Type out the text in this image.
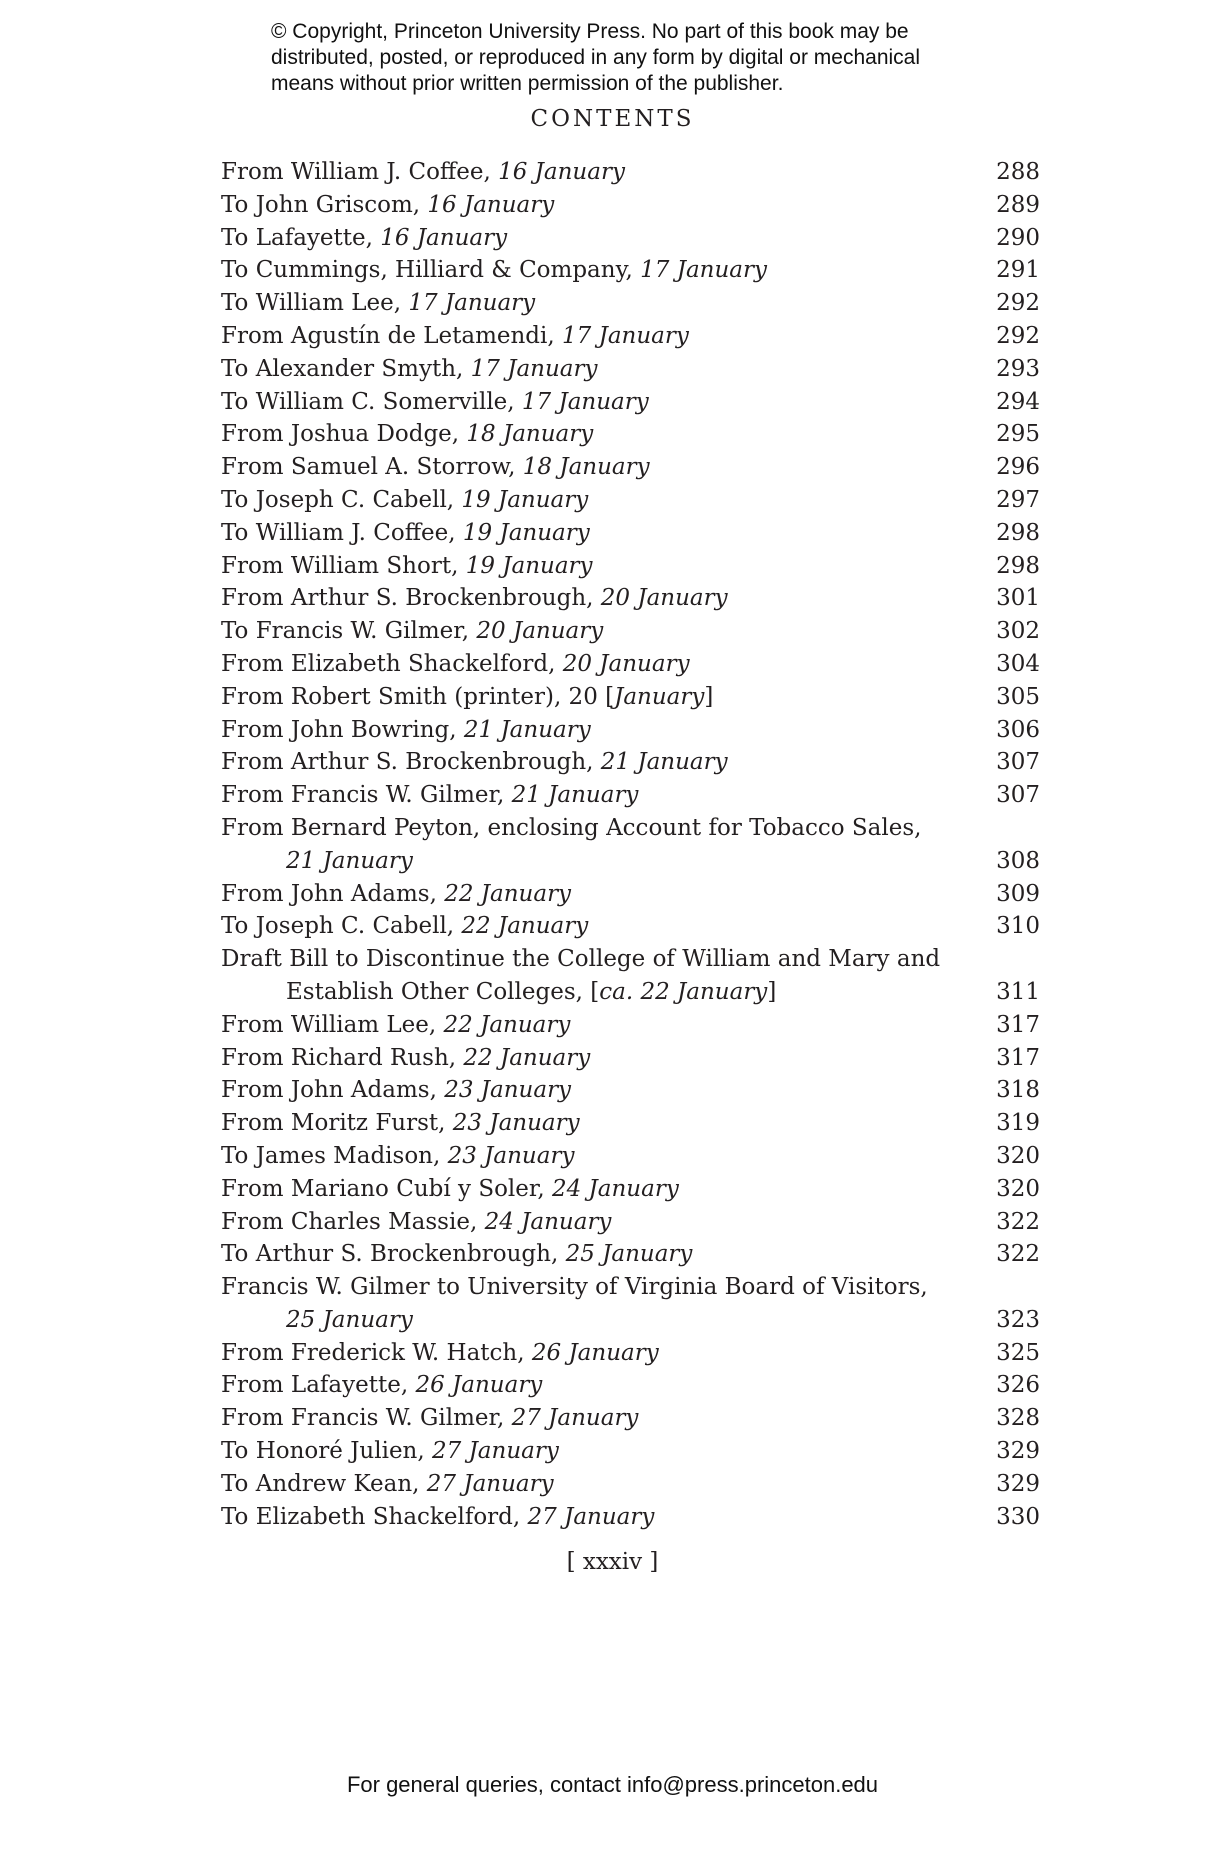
© Copyright, Princeton University Press. No part of this book may be
distributed, posted, or reproduced in any form by digital or mechanical
means without prior written permission of the publisher.
CONTENTS
From William J. Coffee, 16 January	288
To John Griscom, 16 January	289
To Lafayette, 16 January	290
To Cummings, Hilliard & Company, 17 January	291
To William Lee, 17 January	292
From Agustín de Letamendi, 17 January	292
To Alexander Smyth, 17 January	293
To William C. Somerville, 17 January	294
From Joshua Dodge, 18 January	295
From Samuel A. Storrow, 18 January	296
To Joseph C. Cabell, 19 January	297
To William J. Coffee, 19 January	298
From William Short, 19 January	298
From Arthur S. Brockenbrough, 20 January	301
To Francis W. Gilmer, 20 January	302
From Elizabeth Shackelford, 20 January	304
From Robert Smith (printer), 20 [January]	305
From John Bowring, 21 January	306
From Arthur S. Brockenbrough, 21 January	307
From Francis W. Gilmer, 21 January	307
From Bernard Peyton, enclosing Account for Tobacco Sales,
21 January	308
From John Adams, 22 January	309
To Joseph C. Cabell, 22 January	310
Draft Bill to Discontinue the College of William and Mary and
Establish Other Colleges, [ca. 22 January]	311
From William Lee, 22 January	317
From Richard Rush, 22 January	317
From John Adams, 23 January	318
From Moritz Furst, 23 January	319
To James Madison, 23 January	320
From Mariano Cubí y Soler, 24 January	320
From Charles Massie, 24 January	322
To Arthur S. Brockenbrough, 25 January	322
Francis W. Gilmer to University of Virginia Board of Visitors,
25 January	323
From Frederick W. Hatch, 26 January	325
From Lafayette, 26 January	326
From Francis W. Gilmer, 27 January	328
To Honoré Julien, 27 January	329
To Andrew Kean, 27 January	329
To Elizabeth Shackelford, 27 January	330
[ xxxiv ]
For general queries, contact info@press.princeton.edu
